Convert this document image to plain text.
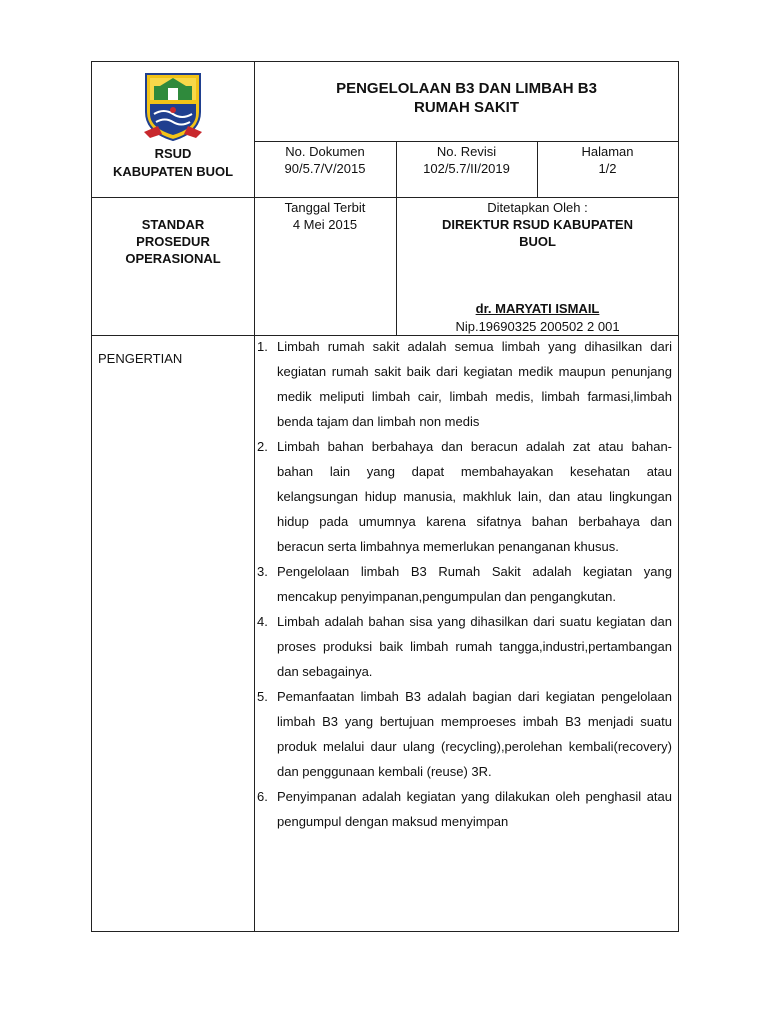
RSUD
KABUPATEN BUOL
PENGELOLAAN B3 DAN LIMBAH B3
RUMAH SAKIT
No. Dokumen
90/5.7/V/2015
No. Revisi
102/5.7/II/2019
Halaman
1/2
STANDAR
PROSEDUR
OPERASIONAL
Tanggal Terbit
4 Mei 2015
Ditetapkan Oleh :
DIREKTUR RSUD KABUPATEN
BUOL
dr. MARYATI ISMAIL
Nip.19690325 200502 2 001
PENGERTIAN
1. Limbah rumah sakit adalah semua limbah yang dihasilkan dari kegiatan rumah sakit baik dari kegiatan medik maupun penunjang medik meliputi limbah cair, limbah medis, limbah farmasi,limbah benda tajam dan limbah non medis
2. Limbah bahan berbahaya dan beracun adalah zat atau bahan-bahan lain yang dapat membahayakan kesehatan atau kelangsungan hidup manusia, makhluk lain, dan atau lingkungan hidup pada umumnya karena sifatnya bahan berbahaya dan beracun serta limbahnya memerlukan penanganan khusus.
3. Pengelolaan limbah B3 Rumah Sakit adalah kegiatan yang mencakup penyimpanan,pengumpulan dan pengangkutan.
4. Limbah adalah bahan sisa yang dihasilkan dari suatu kegiatan dan proses produksi baik limbah rumah tangga,industri,pertambangan dan sebagainya.
5. Pemanfaatan limbah B3 adalah bagian dari kegiatan pengelolaan limbah B3 yang bertujuan memproeses imbah B3 menjadi suatu produk melalui daur ulang (recycling),perolehan kembali(recovery) dan penggunaan kembali (reuse) 3R.
6. Penyimpanan adalah kegiatan yang dilakukan oleh penghasil atau pengumpul dengan maksud menyimpan
